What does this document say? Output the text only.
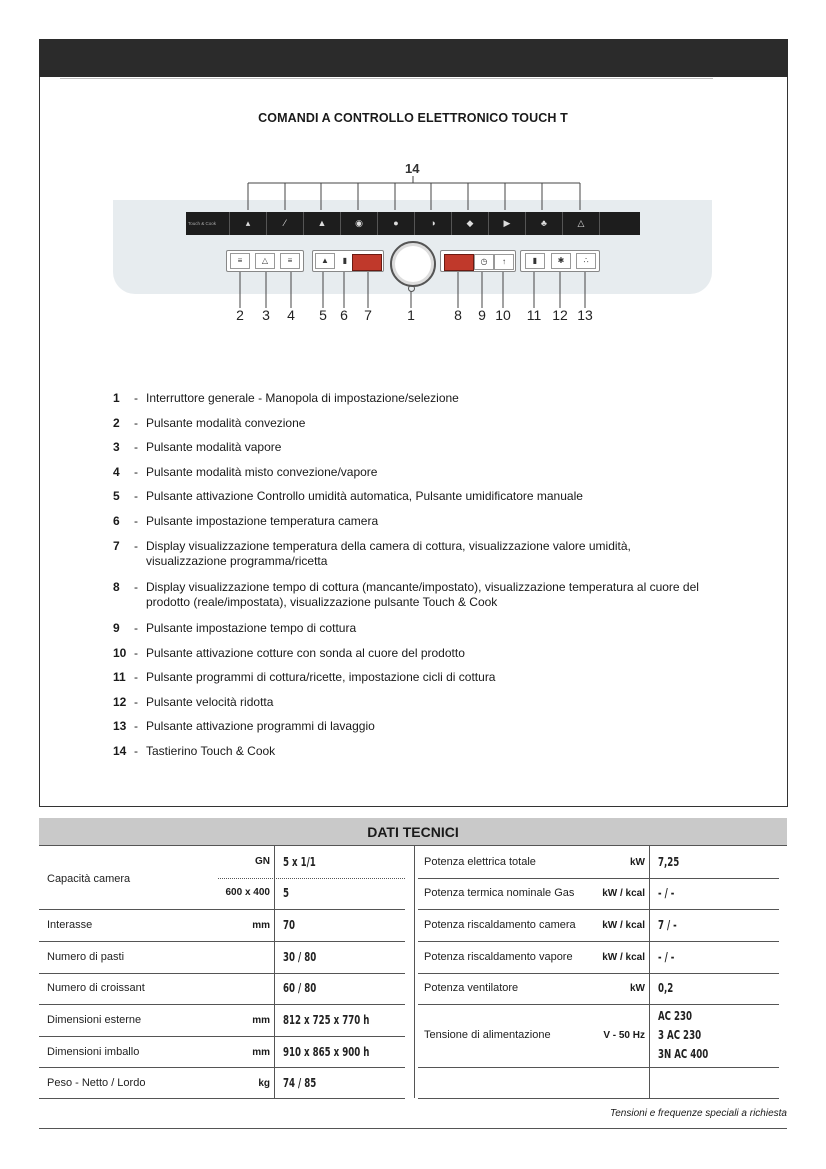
COMANDI A CONTROLLO ELETTRONICO TOUCH T
14
Touch & Cook	▴	⁄	▲	◉	●	◑	◆	▶	♣	△
≡	△	≡	▲	▮	◷	↑	▮	✱	∴
2	3	4	5 6	7	1	8	9 10	11 12 13
1	- Interruttore generale - Manopola di impostazione/selezione
2	- Pulsante modalità convezione
3	- Pulsante modalità vapore
4	- Pulsante modalità misto convezione/vapore
5	- Pulsante attivazione Controllo umidità automatica, Pulsante umidificatore manuale
6	- Pulsante impostazione temperatura camera
7	- Display visualizzazione temperatura della camera di cottura, visualizzazione valore umidità, visualizzazione programma/ricetta
8	- Display visualizzazione tempo di cottura (mancante/impostato), visualizzazione temperatura al cuore del prodotto (reale/impostata), visualizzazione pulsante Touch & Cook
9	- Pulsante impostazione tempo di cottura
10 - Pulsante attivazione cotture con sonda al cuore del prodotto
11 - Pulsante programmi di cottura/ricette, impostazione cicli di cottura
12 - Pulsante velocità ridotta
13 - Pulsante attivazione programmi di lavaggio
14 - Tastierino Touch & Cook
DATI TECNICI
Capacità camera
GN 5 x 1/1
600 x 400 5
Interasse	mm 70
Numero di pasti	30 / 80
Numero di croissant	60 / 80
Dimensioni esterne	mm 812 x 725 x 770 h
Dimensioni imballo	mm 910 x 865 x 900 h
Peso - Netto / Lordo	kg 74 / 85
Potenza elettrica totale	kW 7,25
Potenza termica nominale Gas	kW / kcal - / -
Potenza riscaldamento camera	kW / kcal 7 / -
Potenza riscaldamento vapore	kW / kcal - / -
Potenza ventilatore	kW 0,2
Tensione di alimentazione	V - 50 Hz
AC 230
3 AC 230
3N AC 400
Tensioni e frequenze speciali a richiesta
